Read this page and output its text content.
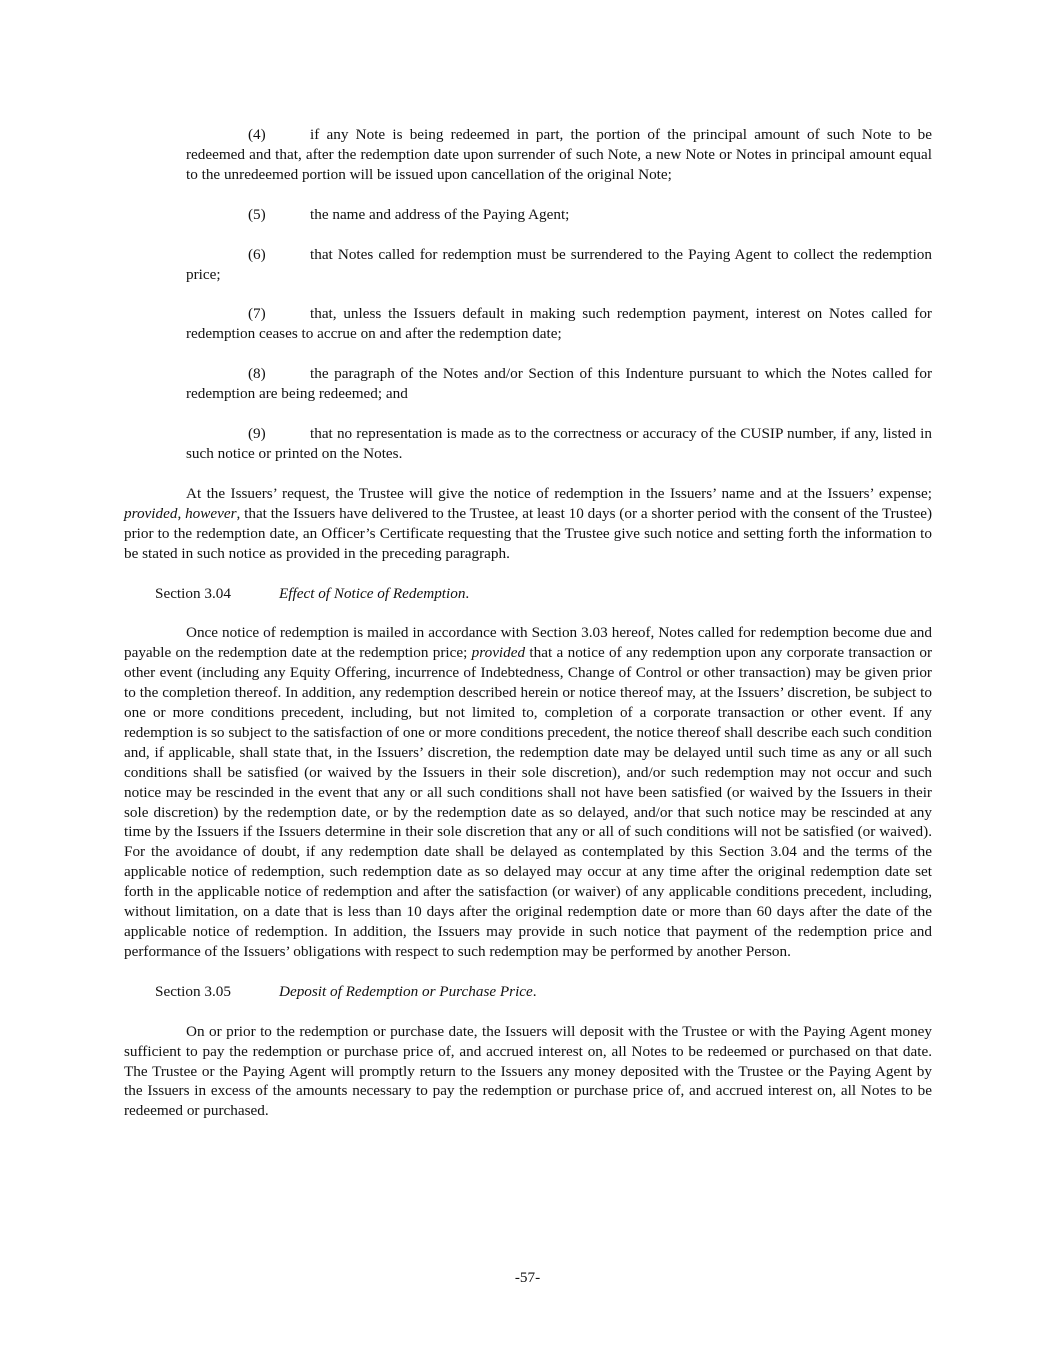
(4)	if any Note is being redeemed in part, the portion of the principal amount of such Note to be redeemed and that, after the redemption date upon surrender of such Note, a new Note or Notes in principal amount equal to the unredeemed portion will be issued upon cancellation of the original Note;
(5)	the name and address of the Paying Agent;
(6)	that Notes called for redemption must be surrendered to the Paying Agent to collect the redemption price;
(7)	that, unless the Issuers default in making such redemption payment, interest on Notes called for redemption ceases to accrue on and after the redemption date;
(8)	the paragraph of the Notes and/or Section of this Indenture pursuant to which the Notes called for redemption are being redeemed; and
(9)	that no representation is made as to the correctness or accuracy of the CUSIP number, if any, listed in such notice or printed on the Notes.

At the Issuers’ request, the Trustee will give the notice of redemption in the Issuers’ name and at the Issuers’ expense; provided, however, that the Issuers have delivered to the Trustee, at least 10 days (or a shorter period with the consent of the Trustee) prior to the redemption date, an Officer’s Certificate requesting that the Trustee give such notice and setting forth the information to be stated in such notice as provided in the preceding paragraph.

Section 3.04	Effect of Notice of Redemption.

Once notice of redemption is mailed in accordance with Section 3.03 hereof, Notes called for redemption become due and payable on the redemption date at the redemption price; provided that a notice of any redemption upon any corporate transaction or other event (including any Equity Offering, incurrence of Indebtedness, Change of Control or other transaction) may be given prior to the completion thereof. In addition, any redemption described herein or notice thereof may, at the Issuers’ discretion, be subject to one or more conditions precedent, including, but not limited to, completion of a corporate transaction or other event. If any redemption is so subject to the satisfaction of one or more conditions precedent, the notice thereof shall describe each such condition and, if applicable, shall state that, in the Issuers’ discretion, the redemption date may be delayed until such time as any or all such conditions shall be satisfied (or waived by the Issuers in their sole discretion), and/or such redemption may not occur and such notice may be rescinded in the event that any or all such conditions shall not have been satisfied (or waived by the Issuers in their sole discretion) by the redemption date, or by the redemption date as so delayed, and/or that such notice may be rescinded at any time by the Issuers if the Issuers determine in their sole discretion that any or all of such conditions will not be satisfied (or waived). For the avoidance of doubt, if any redemption date shall be delayed as contemplated by this Section 3.04 and the terms of the applicable notice of redemption, such redemption date as so delayed may occur at any time after the original redemption date set forth in the applicable notice of redemption and after the satisfaction (or waiver) of any applicable conditions precedent, including, without limitation, on a date that is less than 10 days after the original redemption date or more than 60 days after the date of the applicable notice of redemption. In addition, the Issuers may provide in such notice that payment of the redemption price and performance of the Issuers’ obligations with respect to such redemption may be performed by another Person.

Section 3.05	Deposit of Redemption or Purchase Price.

On or prior to the redemption or purchase date, the Issuers will deposit with the Trustee or with the Paying Agent money sufficient to pay the redemption or purchase price of, and accrued interest on, all Notes to be redeemed or purchased on that date. The Trustee or the Paying Agent will promptly return to the Issuers any money deposited with the Trustee or the Paying Agent by the Issuers in excess of the amounts necessary to pay the redemption or purchase price of, and accrued interest on, all Notes to be redeemed or purchased.

-57-
